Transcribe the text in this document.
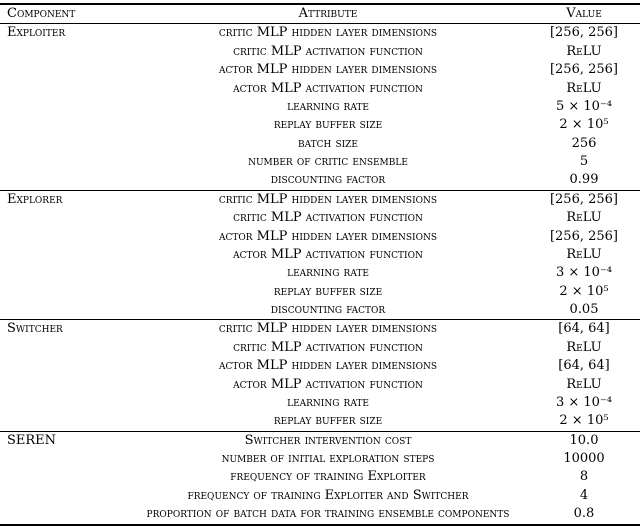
Component	Attribute	Value
Exploiter	critic MLP hidden layer dimensions	[256, 256]
	critic MLP activation function	ReLU
	actor MLP hidden layer dimensions	[256, 256]
	actor MLP activation function	ReLU
	learning rate	5 × 10⁻⁴
	replay buffer size	2 × 10⁵
	batch size	256
	number of critic ensemble	5
	discounting factor	0.99
Explorer	critic MLP hidden layer dimensions	[256, 256]
	critic MLP activation function	ReLU
	actor MLP hidden layer dimensions	[256, 256]
	actor MLP activation function	ReLU
	learning rate	3 × 10⁻⁴
	replay buffer size	2 × 10⁵
	discounting factor	0.05
Switcher	critic MLP hidden layer dimensions	[64, 64]
	critic MLP activation function	ReLU
	actor MLP hidden layer dimensions	[64, 64]
	actor MLP activation function	ReLU
	learning rate	3 × 10⁻⁴
	replay buffer size	2 × 10⁵
SEREN	Switcher intervention cost	10.0
	number of initial exploration steps	10000
	frequency of training Exploiter	8
	frequency of training Exploiter and Switcher	4
	proportion of batch data for training ensemble components	0.8
